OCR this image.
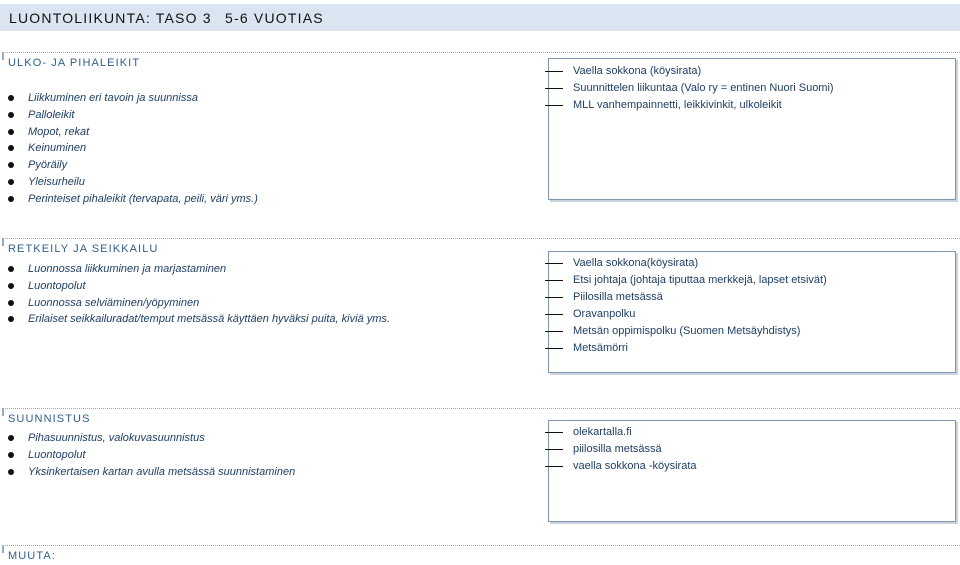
LUONTOLIIKUNTA: TASO 3 5-6 VUOTIAS
ULKO- JA PIHALEIKIT
Liikkuminen eri tavoin ja suunnissa
Palloleikit
Mopot, rekat
Keinuminen
Pyöräily
Yleisurheilu
Perinteiset pihaleikit (tervapata, peili, väri yms.)
Vaella sokkona (köysirata)
Suunnittelen liikuntaa (Valo ry = entinen Nuori Suomi)
MLL vanhempainnetti, leikkivinkit, ulkoleikit
RETKEILY JA SEIKKAILU
Luonnossa liikkuminen ja marjastaminen
Luontopolut
Luonnossa selviäminen/yöpyminen
Erilaiset seikkailuradat/temput metsässä käyttäen hyväksi puita, kiviä yms.
Vaella sokkona(köysirata)
Etsi johtaja (johtaja tiputtaa merkkejä, lapset etsivät)
Piilosilla metsässä
Oravanpolku
Metsän oppimispolku (Suomen Metsäyhdistys)
Metsämörri
SUUNNISTUS
Pihasuunnistus, valokuvasuunnistus
Luontopolut
Yksinkertaisen kartan avulla metsässä suunnistaminen
olekartalla.fi
piilosilla metsässä
vaella sokkona -köysirata
MUUTA:
